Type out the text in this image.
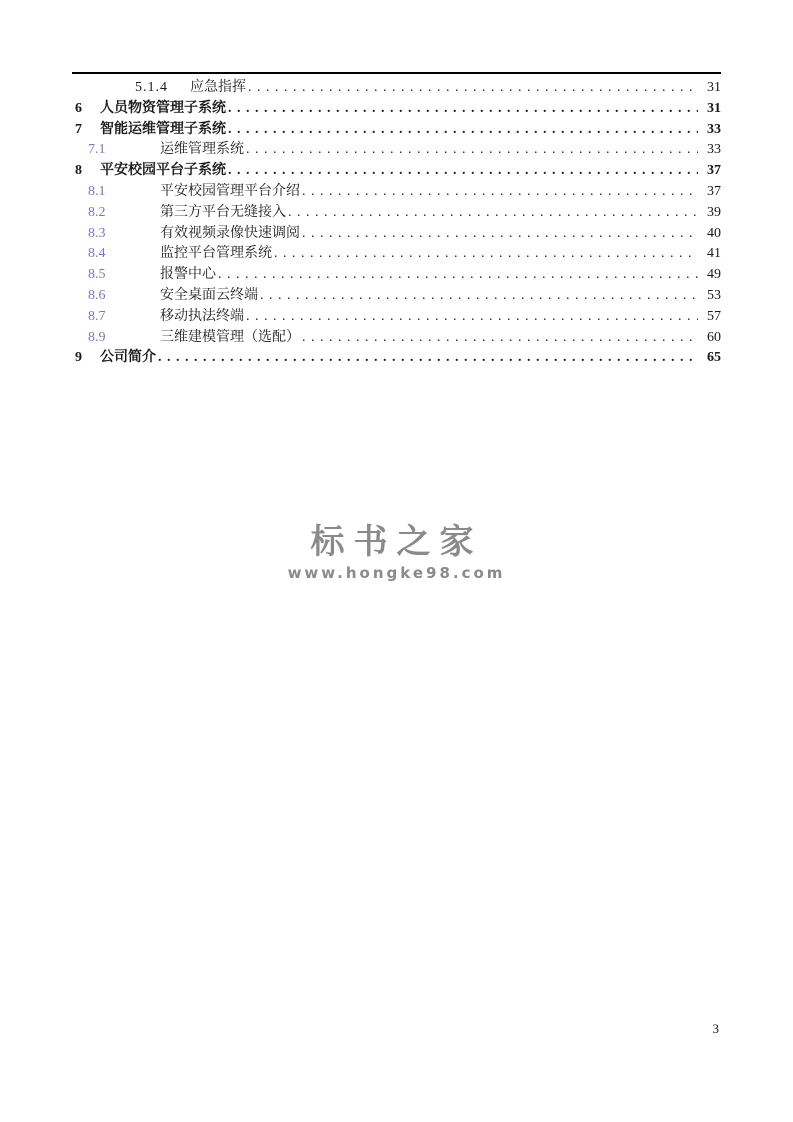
5.1.4	应急指挥 . . .	31
6	人员物资管理子系统 . . .	31
7	智能运维管理子系统 . . .	33
7.1	运维管理系统 . . .	33
8	平安校园平台子系统 . . .	37
8.1	平安校园管理平台介绍 . . .	37
8.2	第三方平台无缝接入 . . .	39
8.3	有效视频录像快速调阅 . . .	40
8.4	监控平台管理系统 . . .	41
8.5	报警中心 . . .	49
8.6	安全桌面云终端 . . .	53
8.7	移动执法终端 . . .	57
8.9	三维建模管理（选配） . . .	60
9	公司简介 . . .	65
标书之家
www.hongke98.com
3
